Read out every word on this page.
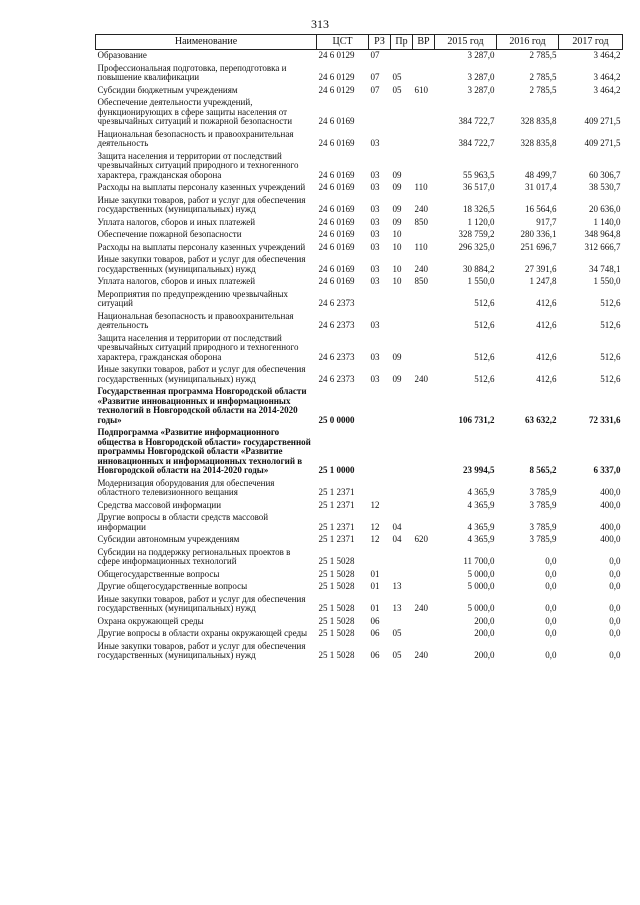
313
Наименование	ЦСТ	РЗ	Пр	ВР	2015 год	2016 год	2017 год
Образование	24 6 0129	07			3 287,0	2 785,5	3 464,2
Профессиональная подготовка, переподготовка и повышение квалификации	24 6 0129	07	05		3 287,0	2 785,5	3 464,2
Субсидии бюджетным учреждениям	24 6 0129	07	05	610	3 287,0	2 785,5	3 464,2
Обеспечение деятельности учреждений, функционирующих в сфере защиты населения от чрезвычайных ситуаций и пожарной безопасности	24 6 0169				384 722,7	328 835,8	409 271,5
Национальная безопасность и правоохранительная деятельность	24 6 0169	03			384 722,7	328 835,8	409 271,5
Защита населения и территории от последствий чрезвычайных ситуаций природного и техногенного характера, гражданская оборона	24 6 0169	03	09		55 963,5	48 499,7	60 306,7
Расходы на выплаты персоналу казенных учреждений	24 6 0169	03	09	110	36 517,0	31 017,4	38 530,7
Иные закупки товаров, работ и услуг для обеспечения государственных (муниципальных) нужд	24 6 0169	03	09	240	18 326,5	16 564,6	20 636,0
Уплата налогов, сборов и иных платежей	24 6 0169	03	09	850	1 120,0	917,7	1 140,0
Обеспечение пожарной безопасности	24 6 0169	03	10		328 759,2	280 336,1	348 964,8
Расходы на выплаты персоналу казенных учреждений	24 6 0169	03	10	110	296 325,0	251 696,7	312 666,7
Иные закупки товаров, работ и услуг для обеспечения государственных (муниципальных) нужд	24 6 0169	03	10	240	30 884,2	27 391,6	34 748,1
Уплата налогов, сборов и иных платежей	24 6 0169	03	10	850	1 550,0	1 247,8	1 550,0
Мероприятия по предупреждению чрезвычайных ситуаций	24 6 2373				512,6	412,6	512,6
Национальная безопасность и правоохранительная деятельность	24 6 2373	03			512,6	412,6	512,6
Защита населения и территории от последствий чрезвычайных ситуаций природного и техногенного характера, гражданская оборона	24 6 2373	03	09		512,6	412,6	512,6
Иные закупки товаров, работ и услуг для обеспечения государственных (муниципальных) нужд	24 6 2373	03	09	240	512,6	412,6	512,6
Государственная программа Новгородской области «Развитие инновационных и информационных технологий в Новгородской области на 2014-2020 годы»	25 0 0000				106 731,2	63 632,2	72 331,6
Подпрограмма «Развитие информационного общества в Новгородской области» государственной программы Новгородской области «Развитие инновационных и информационных технологий в Новгородской области на 2014-2020 годы»	25 1 0000				23 994,5	8 565,2	6 337,0
Модернизация оборудования для обеспечения областного телевизионного вещания	25 1 2371				4 365,9	3 785,9	400,0
Средства массовой информации	25 1 2371	12			4 365,9	3 785,9	400,0
Другие вопросы в области средств массовой информации	25 1 2371	12	04		4 365,9	3 785,9	400,0
Субсидии автономным учреждениям	25 1 2371	12	04	620	4 365,9	3 785,9	400,0
Субсидии на поддержку региональных проектов в сфере информационных технологий	25 1 5028				11 700,0	0,0	0,0
Общегосударственные вопросы	25 1 5028	01			5 000,0	0,0	0,0
Другие общегосударственные вопросы	25 1 5028	01	13		5 000,0	0,0	0,0
Иные закупки товаров, работ и услуг для обеспечения государственных (муниципальных) нужд	25 1 5028	01	13	240	5 000,0	0,0	0,0
Охрана окружающей среды	25 1 5028	06			200,0	0,0	0,0
Другие вопросы в области охраны окружающей среды	25 1 5028	06	05		200,0	0,0	0,0
Иные закупки товаров, работ и услуг для обеспечения государственных (муниципальных) нужд	25 1 5028	06	05	240	200,0	0,0	0,0
